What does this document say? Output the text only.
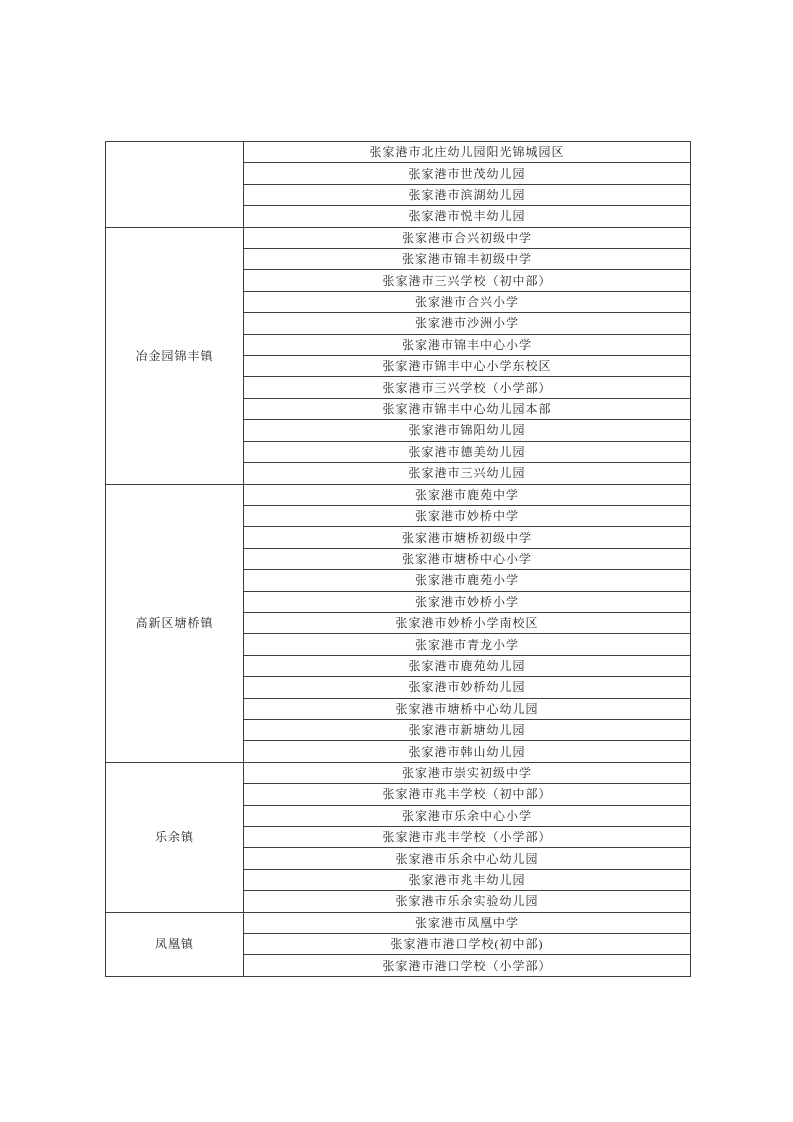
	张家港市北庄幼儿园阳光锦城园区
	张家港市世茂幼儿园
	张家港市滨湖幼儿园
	张家港市悦丰幼儿园
冶金园锦丰镇	张家港市合兴初级中学
	张家港市锦丰初级中学
	张家港市三兴学校（初中部）
	张家港市合兴小学
	张家港市沙洲小学
	张家港市锦丰中心小学
	张家港市锦丰中心小学东校区
	张家港市三兴学校（小学部）
	张家港市锦丰中心幼儿园本部
	张家港市锦阳幼儿园
	张家港市德美幼儿园
	张家港市三兴幼儿园
高新区塘桥镇	张家港市鹿苑中学
	张家港市妙桥中学
	张家港市塘桥初级中学
	张家港市塘桥中心小学
	张家港市鹿苑小学
	张家港市妙桥小学
	张家港市妙桥小学南校区
	张家港市青龙小学
	张家港市鹿苑幼儿园
	张家港市妙桥幼儿园
	张家港市塘桥中心幼儿园
	张家港市新塘幼儿园
	张家港市韩山幼儿园
乐余镇	张家港市崇实初级中学
	张家港市兆丰学校（初中部）
	张家港市乐余中心小学
	张家港市兆丰学校（小学部）
	张家港市乐余中心幼儿园
	张家港市兆丰幼儿园
	张家港市乐余实验幼儿园
凤凰镇	张家港市凤凰中学
	张家港市港口学校(初中部)
	张家港市港口学校（小学部）
